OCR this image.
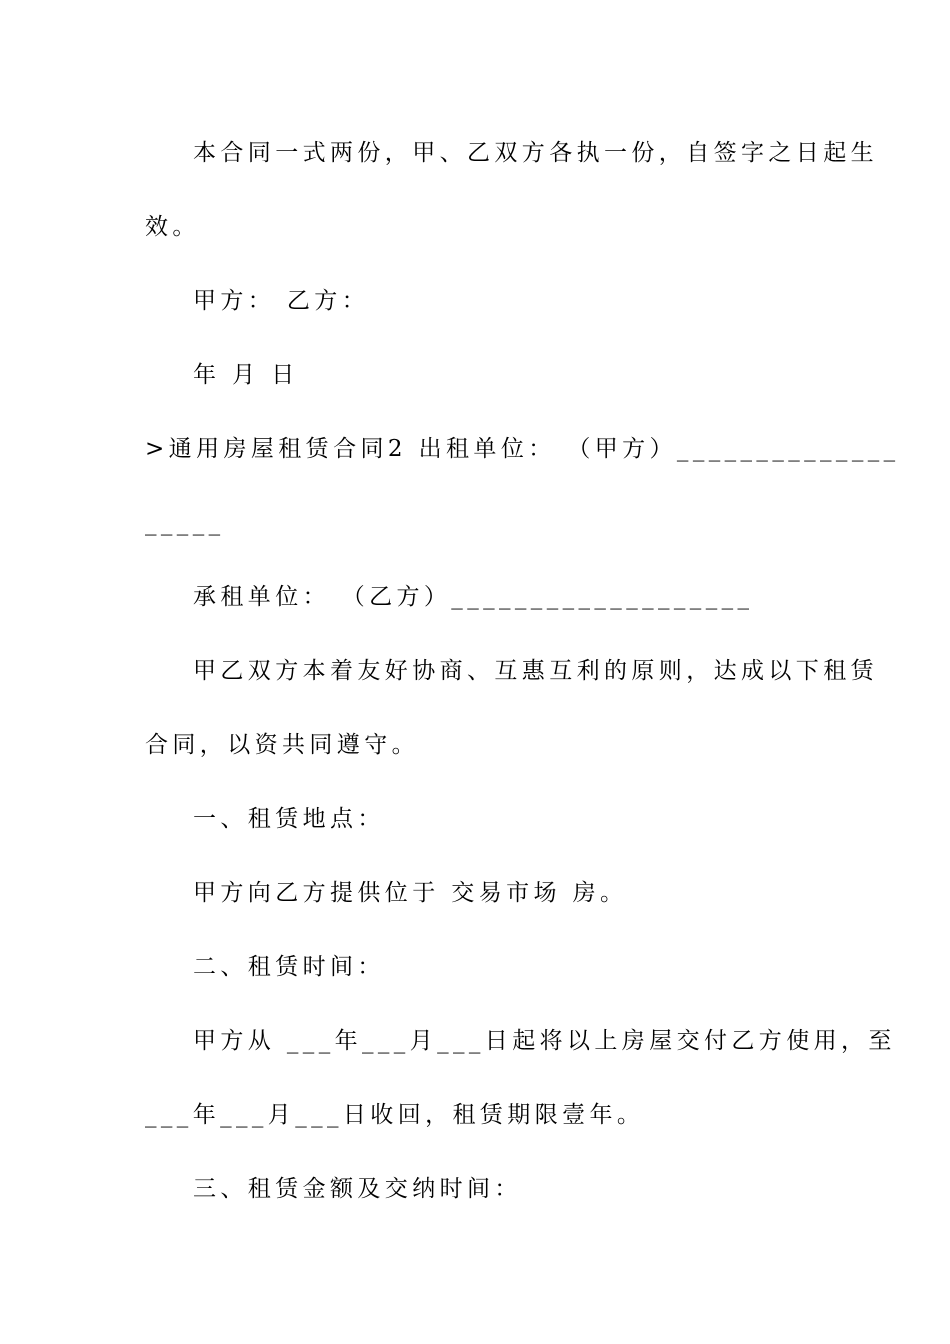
本合同一式两份，甲、乙双方各执一份，自签字之日起生
效。
甲方： 乙方：
年 月 日
>通用房屋租赁合同2 出租单位： （甲方）______________
_____
承租单位： （乙方）___________________
甲乙双方本着友好协商、互惠互利的原则，达成以下租赁
合同，以资共同遵守。
一、租赁地点：
甲方向乙方提供位于 交易市场 房。
二、租赁时间：
甲方从 ___年___月___日起将以上房屋交付乙方使用，至
___年___月___日收回，租赁期限壹年。
三、租赁金额及交纳时间：
